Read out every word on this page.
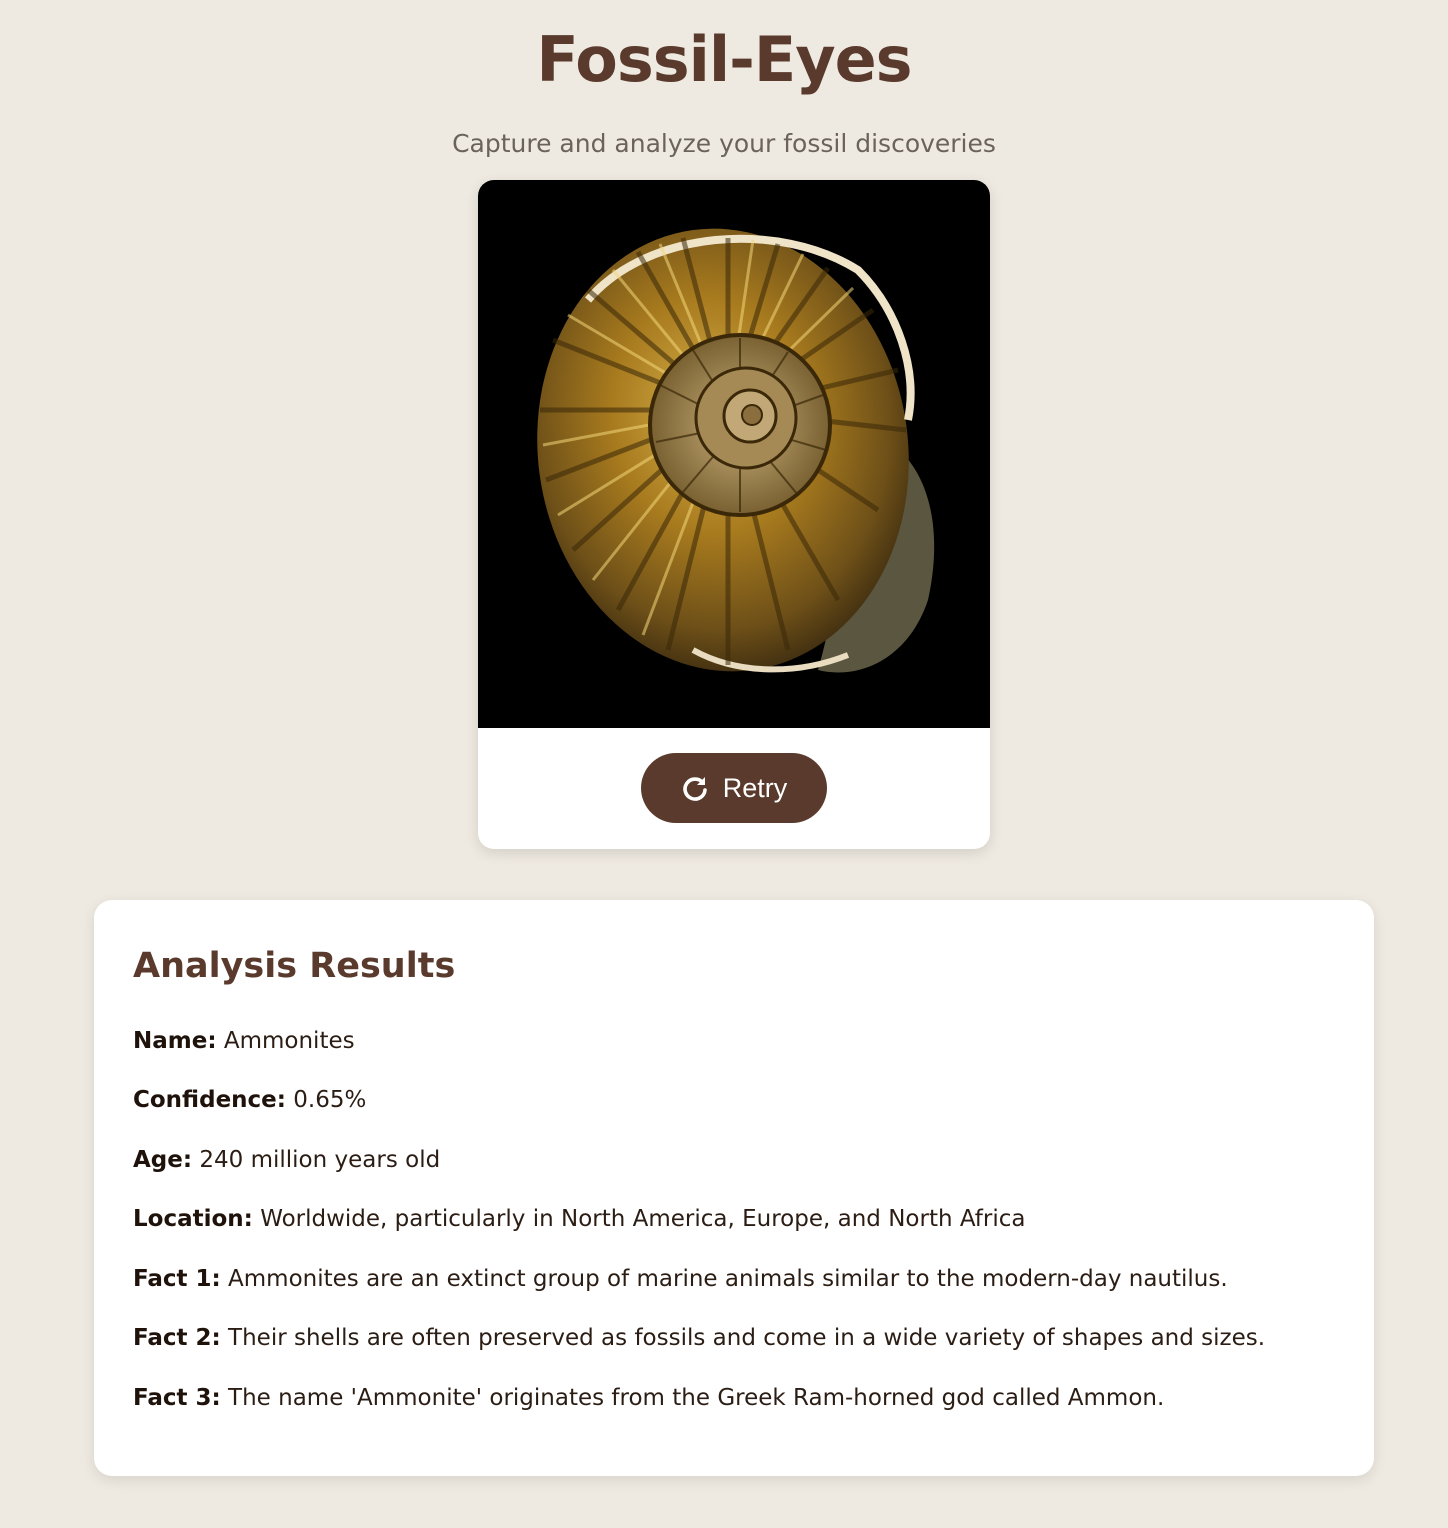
Fossil-Eyes
Capture and analyze your fossil discoveries
Retry
Analysis Results
Name: Ammonites
Confidence: 0.65%
Age: 240 million years old
Location: Worldwide, particularly in North America, Europe, and North Africa
Fact 1: Ammonites are an extinct group of marine animals similar to the modern-day nautilus.
Fact 2: Their shells are often preserved as fossils and come in a wide variety of shapes and sizes.
Fact 3: The name 'Ammonite' originates from the Greek Ram-horned god called Ammon.
